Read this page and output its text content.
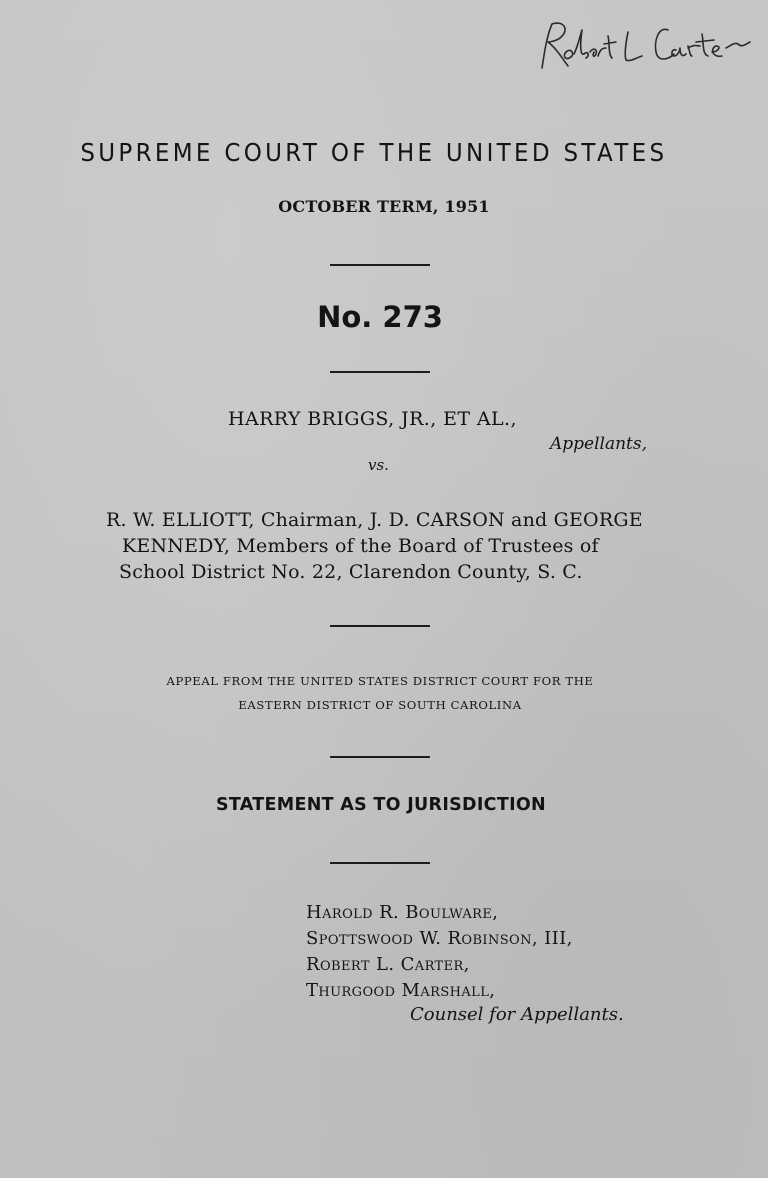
SUPREME COURT OF THE UNITED STATES
OCTOBER TERM, 1951
No. 273
HARRY BRIGGS, JR., ET AL.,
Appellants,
vs.
R. W. ELLIOTT, Chairman, J. D. CARSON and GEORGE
KENNEDY, Members of the Board of Trustees of
School District No. 22, Clarendon County, S. C.
APPEAL FROM THE UNITED STATES DISTRICT COURT FOR THE
EASTERN DISTRICT OF SOUTH CAROLINA
STATEMENT AS TO JURISDICTION
Harold R. Boulware,
Spottswood W. Robinson, III,
Robert L. Carter,
Thurgood Marshall,
Counsel for Appellants.
